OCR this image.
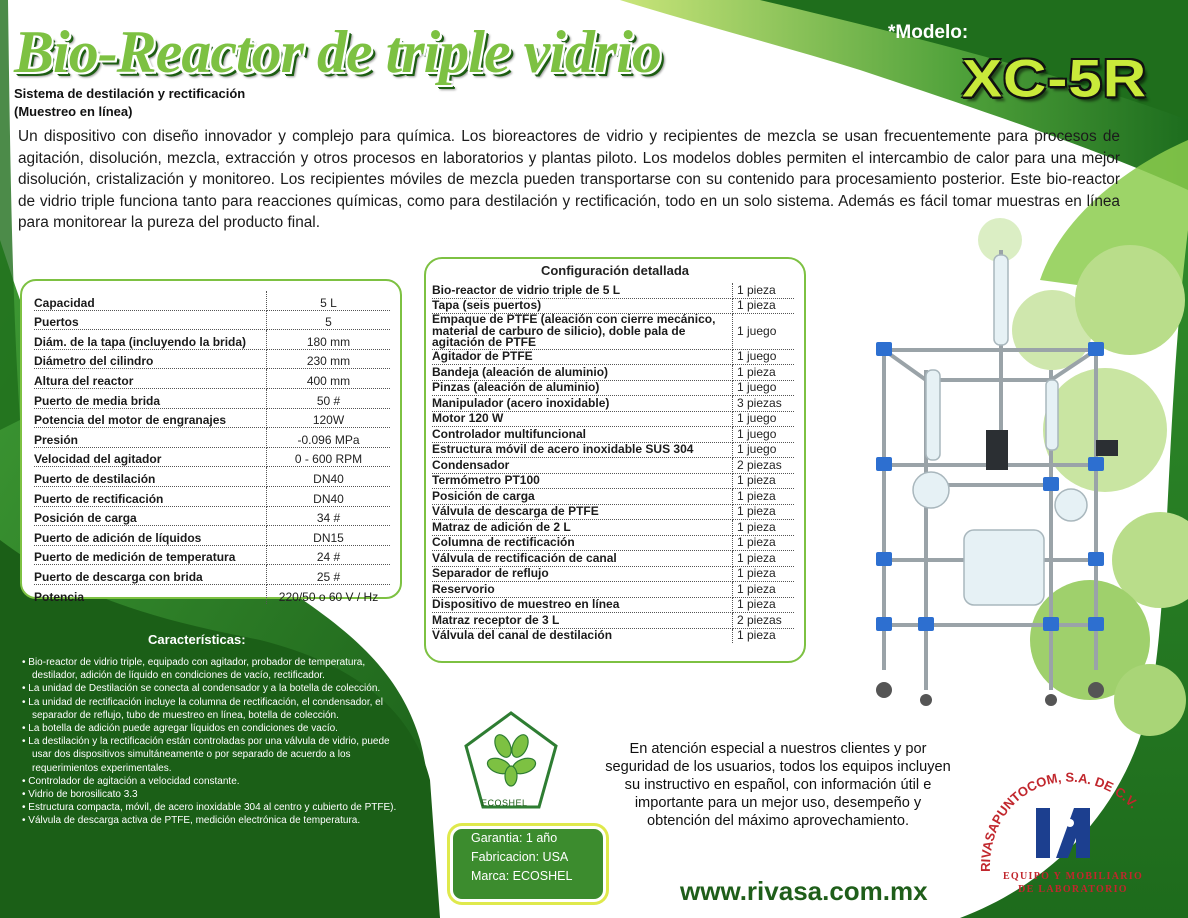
Bio-Reactor de triple vidrio
Sistema de destilación y rectificación
(Muestreo en línea)
*Modelo:
XC-5R
Un dispositivo con diseño innovador y complejo para química. Los bioreactores de vidrio y recipientes de mezcla se usan frecuentemente para procesos de agitación, disolución, mezcla, extracción y otros procesos en laboratorios y plantas piloto. Los modelos dobles permiten el intercambio de calor para una mejor disolución, cristalización y monitoreo. Los recipientes móviles de mezcla pueden transportarse con su contenido para procesamiento posterior. Este bio-reactor de vidrio triple funciona tanto para reacciones químicas, como para destilación y rectificación, todo en un solo sistema. Además es fácil tomar muestras en línea para monitorear la pureza del producto final.
Capacidad	5 L
Puertos	5
Diám. de la tapa (incluyendo la brida)	180 mm
Diámetro del cilindro	230 mm
Altura del reactor	400 mm
Puerto de media brida	50 #
Potencia del motor de engranajes	120W
Presión	-0.096 MPa
Velocidad del agitador	0 - 600 RPM
Puerto de destilación	DN40
Puerto de rectificación	DN40
Posición de carga	34 #
Puerto de adición de líquidos	DN15
Puerto de medición de temperatura	24 #
Puerto de descarga con brida	25 #
Potencia	220/50 o 60 V / Hz
Configuración detallada
Bio-reactor de vidrio triple de 5 L	1 pieza
Tapa (seis puertos)	1 pieza
Empaque de PTFE (aleación con cierre mecánico, material de carburo de silicio), doble pala de agitación de PTFE	1 juego
Agitador de PTFE	1 juego
Bandeja (aleación de aluminio)	1 pieza
Pinzas (aleación de aluminio)	1 juego
Manipulador (acero inoxidable)	3 piezas
Motor 120 W	1 juego
Controlador multifuncional	1 juego
Estructura móvil de acero inoxidable SUS 304	1 juego
Condensador	2 piezas
Termómetro PT100	1 pieza
Posición de carga	1 pieza
Válvula de descarga de PTFE	1 pieza
Matraz de adición de 2 L	1 pieza
Columna de rectificación	1 pieza
Válvula de rectificación de canal	1 pieza
Separador de reflujo	1 pieza
Reservorio	1 pieza
Dispositivo de muestreo en línea	1 pieza
Matraz receptor de 3 L	2 piezas
Válvula del canal de destilación	1 pieza
Características:
• Bio-reactor de vidrio triple, equipado con agitador, probador de temperatura, destilador, adición de líquido en condiciones de vacío, rectificador.
• La unidad de Destilación se conecta al condensador y a la botella de colección.
• La unidad de rectificación incluye la columna de rectificación, el condensador, el separador de reflujo, tubo de muestreo en línea, botella de colección.
• La botella de adición puede agregar líquidos en condiciones de vacío.
• La destilación y la rectificación están controladas por una válvula de vidrio, puede usar dos dispositivos simultáneamente o por separado de acuerdo a los requerimientos experimentales.
• Controlador de agitación a velocidad constante.
• Vidrio de borosilicato 3.3
• Estructura compacta, móvil, de acero inoxidable 304 al centro y cubierto de PTFE).
• Válvula de descarga activa de PTFE, medición electrónica de temperatura.
ECOSHEL
En atención especial a nuestros clientes y por seguridad de los usuarios, todos los equipos incluyen su instructivo en español, con información útil e importante para un mejor uso, desempeño y obtención del máximo aprovechamiento.
Garantia: 1 año
Fabricacion: USA
Marca: ECOSHEL	www.rivasa.com.mx
RIVASAPUNTOCOM, S.A. DE C.V.
EQUIPO Y MOBILIARIO
DE LABORATORIO
